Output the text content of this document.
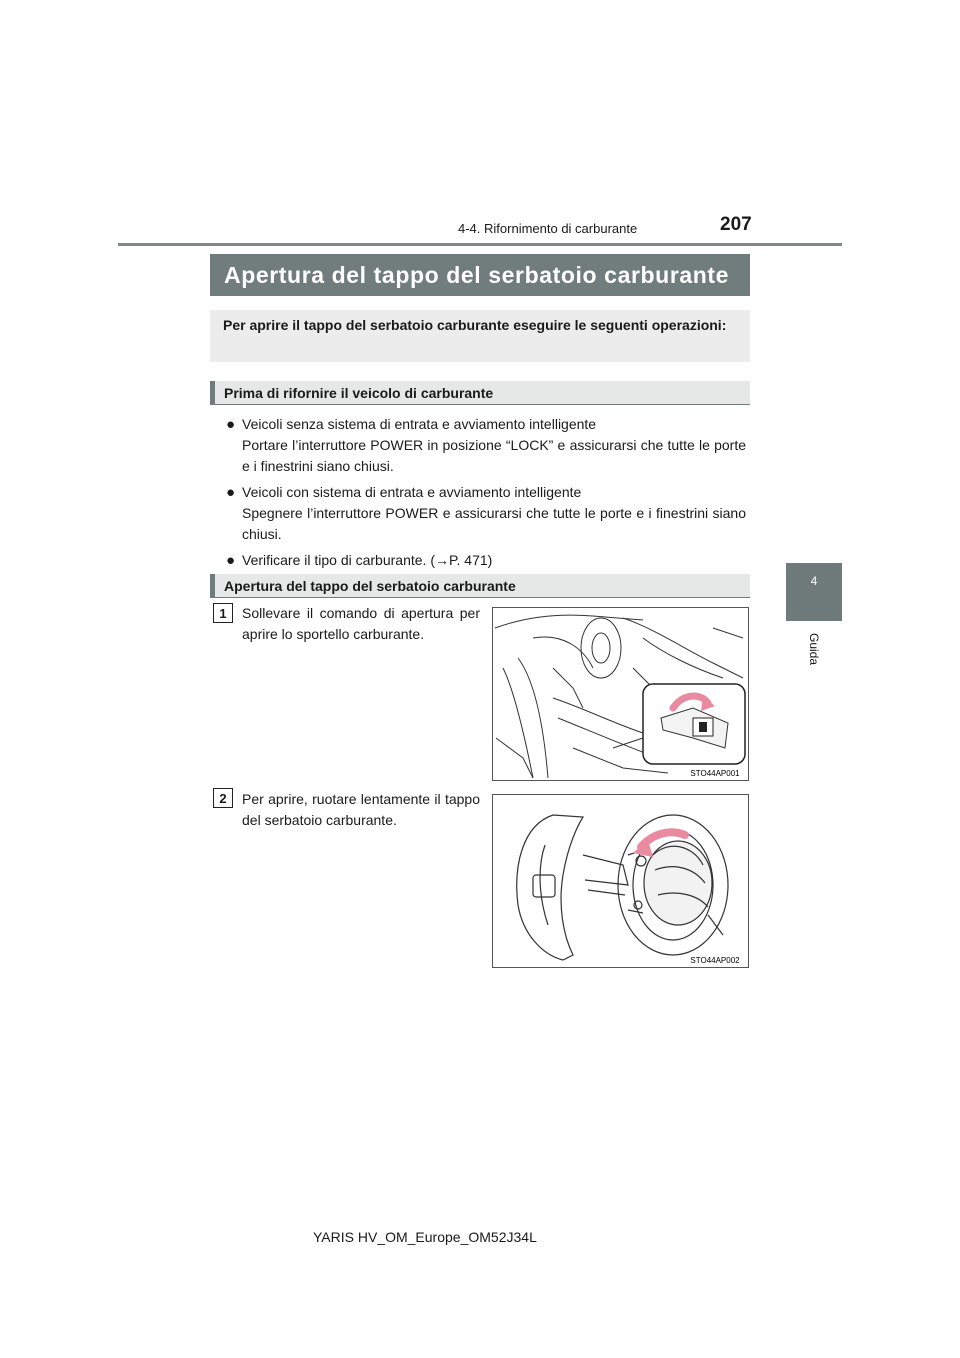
4-4. Rifornimento di carburante	207
4
Guida
Apertura del tappo del serbatoio carburante
Per aprire il tappo del serbatoio carburante eseguire le seguenti operazioni:
Prima di rifornire il veicolo di carburante
● Veicoli senza sistema di entrata e avviamento intelligente
Portare l’interruttore POWER in posizione “LOCK” e assicurarsi che tutte le porte e i finestrini siano chiusi.
● Veicoli con sistema di entrata e avviamento intelligente
Spegnere l’interruttore POWER e assicurarsi che tutte le porte e i finestrini siano chiusi.
● Verificare il tipo di carburante. (→P. 471)
Apertura del tappo del serbatoio carburante
1	Sollevare il comando di apertura per aprire lo sportello carburante.
STO44AP001
2	Per aprire, ruotare lentamente il tappo del serbatoio carburante.
STO44AP002
YARIS HV_OM_Europe_OM52J34L
